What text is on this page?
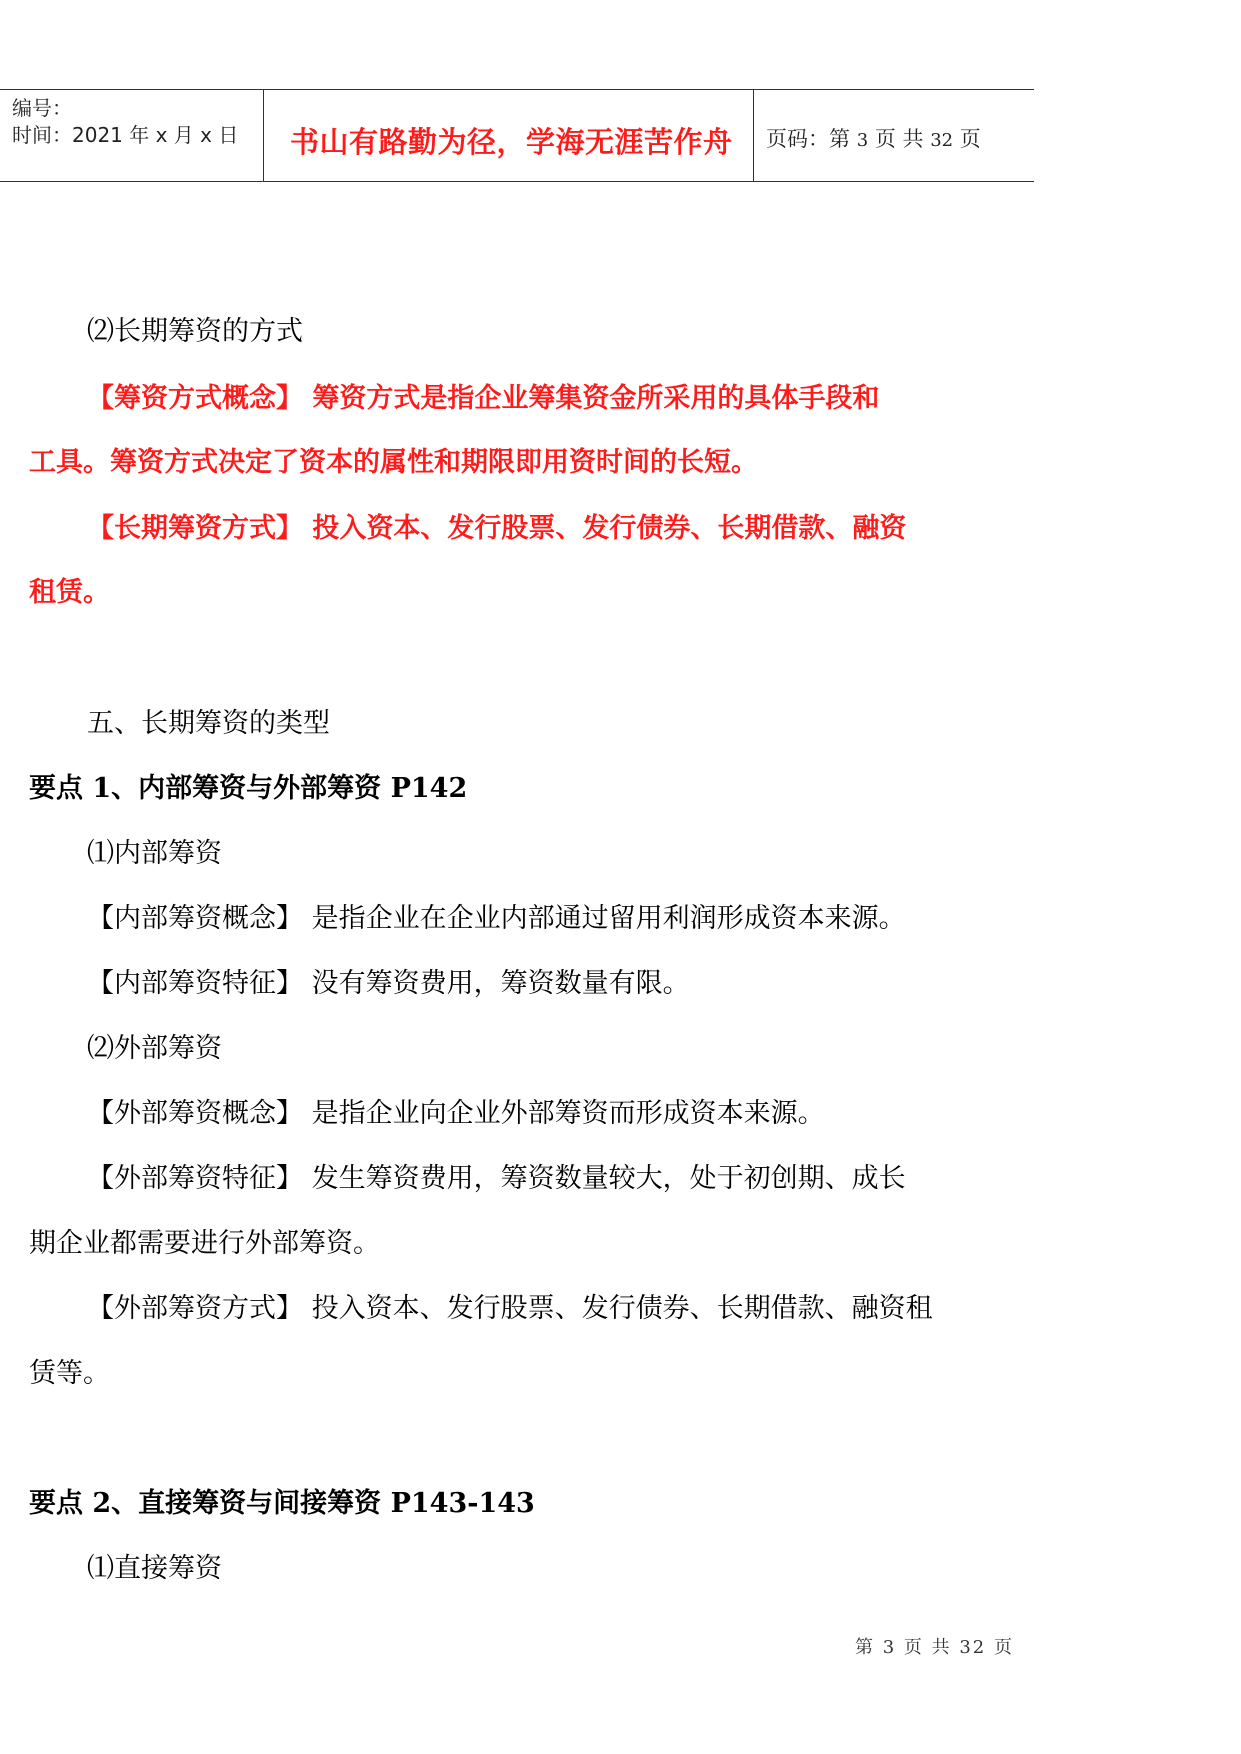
编号：
时间：2021 年 x 月 x 日 书山有路勤为径，学海无涯苦作舟 页码：第 3 页 共 32 页
⑵长期筹资的方式
【筹资方式概念】 筹资方式是指企业筹集资金所采用的具体手段和
工具。筹资方式决定了资本的属性和期限即用资时间的长短。
【长期筹资方式】 投入资本、发行股票、发行债券、长期借款、融资
租赁。
五、长期筹资的类型
要点 1、内部筹资与外部筹资 P142
⑴内部筹资
【内部筹资概念】 是指企业在企业内部通过留用利润形成资本来源。
【内部筹资特征】 没有筹资费用，筹资数量有限。
⑵外部筹资
【外部筹资概念】 是指企业向企业外部筹资而形成资本来源。
【外部筹资特征】 发生筹资费用，筹资数量较大，处于初创期、成长
期企业都需要进行外部筹资。
【外部筹资方式】 投入资本、发行股票、发行债券、长期借款、融资租
赁等。
要点 2、直接筹资与间接筹资 P143-143
⑴直接筹资
第 3 页 共 32 页
